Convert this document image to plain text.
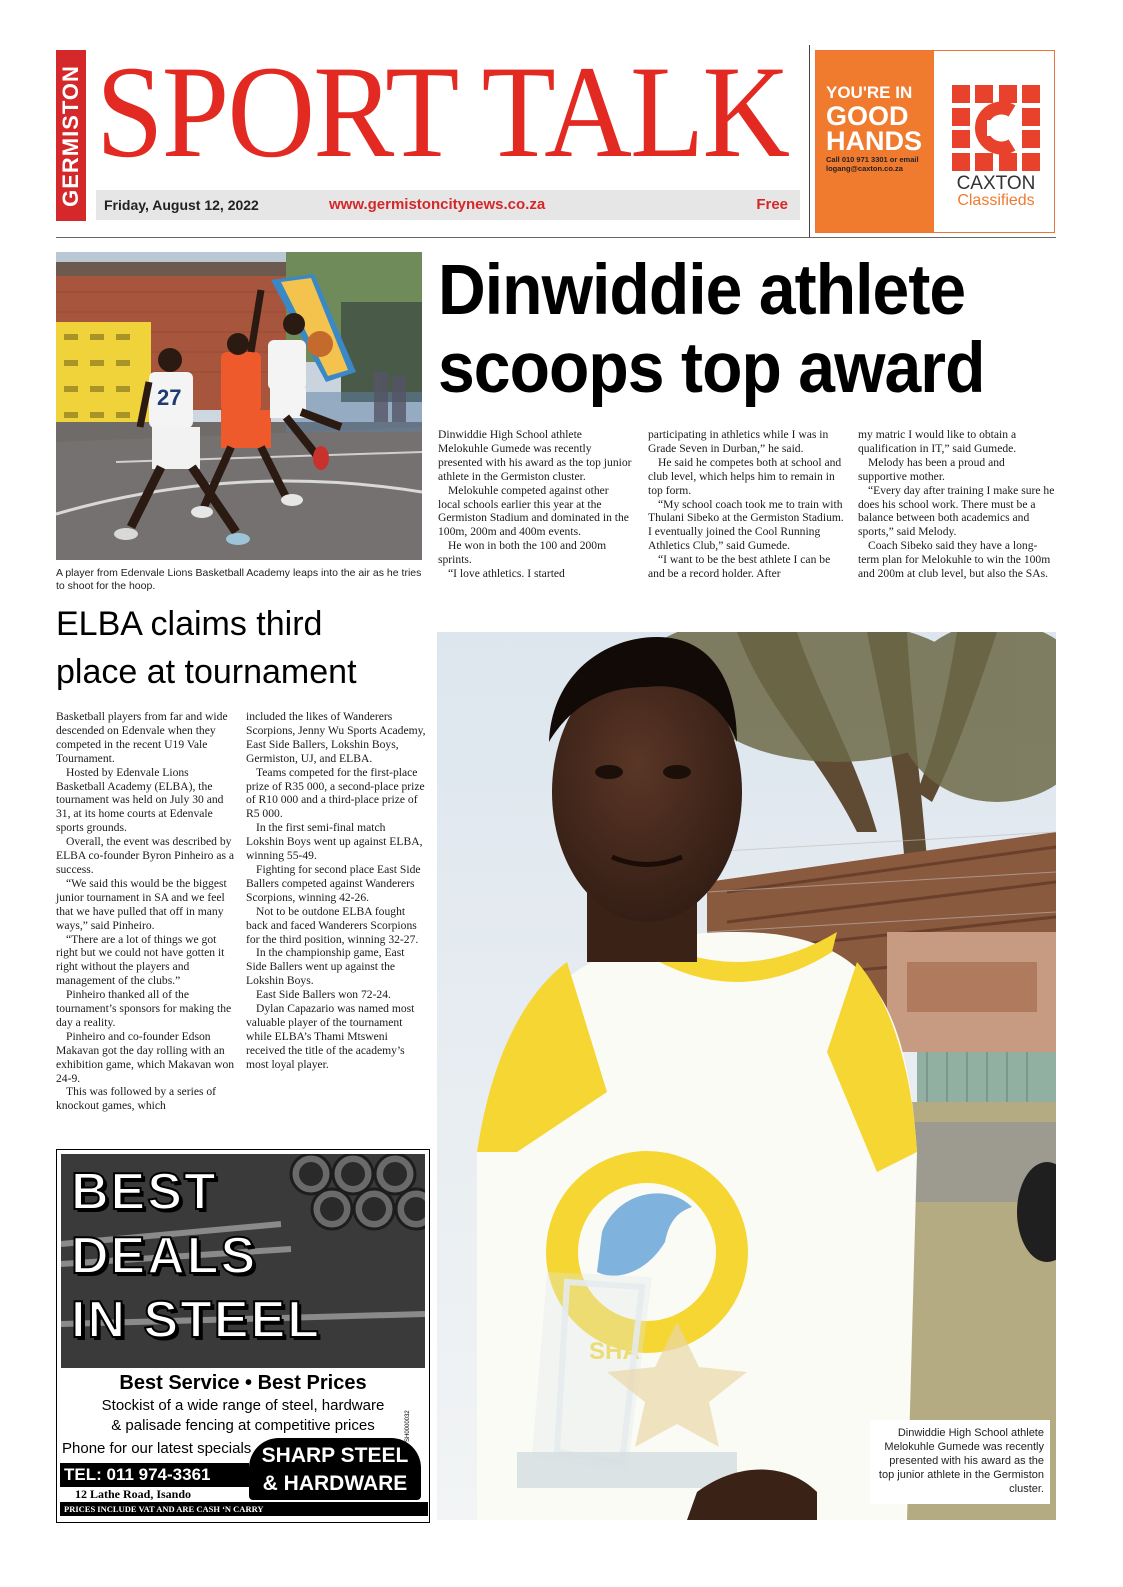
GERMISTON SPORT TALK
Friday, August 12, 2022	www.germistoncitynews.co.za	Free
YOU'RE IN
GOOD
HANDS
Call 010 971 3301 or email
logang@caxton.co.za
CAXTON
Classifieds
27
A player from Edenvale Lions Basketball Academy leaps into the air as he tries to shoot for the hoop.
Dinwiddie athlete
scoops top award

Dinwiddie High School athlete Melokuhle Gumede was recently presented with his award as the top junior athlete in the Germiston cluster.

Melokuhle competed against other local schools earlier this year at the Germiston Stadium and dominated in the 100m, 200m and 400m events.

He won in both the 100 and 200m sprints.

“I love athletics. I started

participating in athletics while I was in Grade Seven in Durban,” he said.

He said he competes both at school and club level, which helps him to remain in top form.

“My school coach took me to train with Thulani Sibeko at the Germiston Stadium. I eventually joined the Cool Running Athletics Club,” said Gumede.

“I want to be the best athlete I can be and be a record holder. After

my matric I would like to obtain a qualification in IT,” said Gumede.

Melody has been a proud and supportive mother.

“Every day after training I make sure he does his school work. There must be a balance between both academics and sports,” said Melody.

Coach Sibeko said they have a long-term plan for Melokuhle to win the 100m and 200m at club level, but also the SAs.

SHA
Dinwiddie High School athlete Melokuhle Gumede was recently presented with his award as the top junior athlete in the Germiston cluster.
ELBA claims third
place at tournament

Basketball players from far and wide descended on Edenvale when they competed in the recent U19 Vale Tournament.

Hosted by Edenvale Lions Basketball Academy (ELBA), the tournament was held on July 30 and 31, at its home courts at Edenvale sports grounds.

Overall, the event was described by ELBA co-founder Byron Pinheiro as a success.

“We said this would be the biggest junior tournament in SA and we feel that we have pulled that off in many ways,” said Pinheiro.

“There are a lot of things we got right but we could not have gotten it right without the players and management of the clubs.”

Pinheiro thanked all of the tournament’s sponsors for making the day a reality.

Pinheiro and co-founder Edson Makavan got the day rolling with an exhibition game, which Makavan won 24-9.

This was followed by a series of knockout games, which

included the likes of Wanderers Scorpions, Jenny Wu Sports Academy, East Side Ballers, Lokshin Boys, Germiston, UJ, and ELBA.

Teams competed for the first-place prize of R35 000, a second-place prize of R10 000 and a third-place prize of R5 000.

In the first semi-final match Lokshin Boys went up against ELBA, winning 55-49.

Fighting for second place East Side Ballers competed against Wanderers Scorpions, winning 42-26.

Not to be outdone ELBA fought back and faced Wanderers Scorpions for the third position, winning 32-27.

In the championship game, East Side Ballers went up against the Lokshin Boys.

East Side Ballers won 72-24.

Dylan Capazario was named most valuable player of the tournament while ELBA’s Thami Mtsweni received the title of the academy’s most loyal player.

BEST
DEALS
IN STEEL
Best Service • Best Prices
Stockist of a wide range of steel, hardware
& palisade fencing at competitive prices
Phone for our latest specials SHARP STEEL
& HARDWARE
TEL: 011 974-3361
12 Lathe Road, Isando
PRICES INCLUDE VAT AND ARE CASH ‘N CARRY
SH0000032
